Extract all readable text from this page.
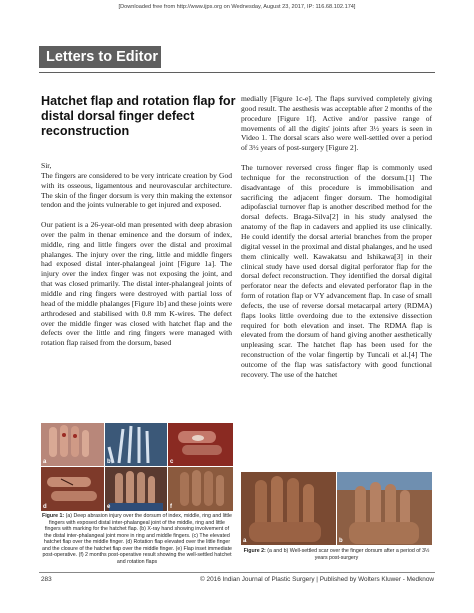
[Downloaded free from http://www.ijps.org on Wednesday, August 23, 2017, IP: 116.68.102.174]
Letters to Editor
Hatchet flap and rotation flap for distal dorsal finger defect reconstruction

Sir,

The fingers are considered to be very intricate creation by God with its osseous, ligamentous and neurovascular architecture. The skin of the finger dorsum is very thin making the extensor tendon and the joints vulnerable to get injured and exposed.

Our patient is a 26-year-old man presented with deep abrasion over the palm in thenar eminence and the dorsum of index, middle, ring and little fingers over the distal and proximal phalanges. The injury over the ring, little and middle fingers had exposed distal inter-phalangeal joint [Figure 1a]. The injury over the index finger was not exposing the joint, and that was closed primarily. The distal inter-phalangeal joints of middle and ring fingers were destroyed with partial loss of head of the middle phalanges [Figure 1b] and these joints were arthrodesed and stabilised with 0.8 mm K-wires. The defect over the middle finger was closed with hatchet flap and the defects over the little and ring fingers were managed with rotation flap raised from the dorsum, based

medially [Figure 1c-e]. The flaps survived completely giving good result. The aesthesis was acceptable after 2 months of the procedure [Figure 1f]. Active and/or passive range of movements of all the digits' joints after 3½ years is seen in Video 1. The dorsal scars also were well-settled over a period of 3½ years of post-surgery [Figure 2].

The turnover reversed cross finger flap is commonly used technique for the reconstruction of the dorsum.[1] The disadvantage of this procedure is immobilisation and sacrificing the adjacent finger dorsum. The homodigital adipofascial turnover flap is another described method for the dorsal defects. Braga-Silva[2] in his study analysed the anatomy of the flap in cadavers and applied its use clinically. He could identify the dorsal arterial branches from the proper digital vessel in the proximal and distal phalanges, and he used them clinically well. Kawakatsu and Ishikawa[3] in their clinical study have used dorsal digital perforator flap for the dorsal defect reconstruction. They identified the dorsal digital perforator near the defects and elevated perforator flap in the form of rotation flap or VY advancement flap. In case of small defects, the use of reverse dorsal metacarpal artery (RDMA) flaps looks little overdoing due to the extensive dissection required for both elevation and inset. The RDMA flap is elevated from the dorsum of hand giving another aesthetically unpleasing scar. The hatchet flap has been used for the reconstruction of the volar fingertip by Tuncali et al.[4] The outcome of the flap was satisfactory with good functional recovery. The use of the hatchet

a	b	c
d	e	f
Figure 1: (a) Deep abrasion injury over the dorsum of index, middle, ring and little fingers with exposed distal inter-phalangeal joint of the middle, ring and little fingers with marking for the hatchet flap. (b) X-ray hand showing involvement of the distal inter-phalangeal joint more in ring and middle fingers. (c) The elevated hatchet flap over the middle finger. (d) Rotation flap elevated over the little finger and the closure of the hatchet flap over the middle finger. (e) Flap inset immediate post-operative. (f) 2 months post-operative result showing the well-settled hatchet and rotation flaps
a	b
Figure 2: (a and b) Well-settled scar over the finger dorsum after a period of 3½ years post-surgery
283	© 2016 Indian Journal of Plastic Surgery | Published by Wolters Kluwer - Medknow
